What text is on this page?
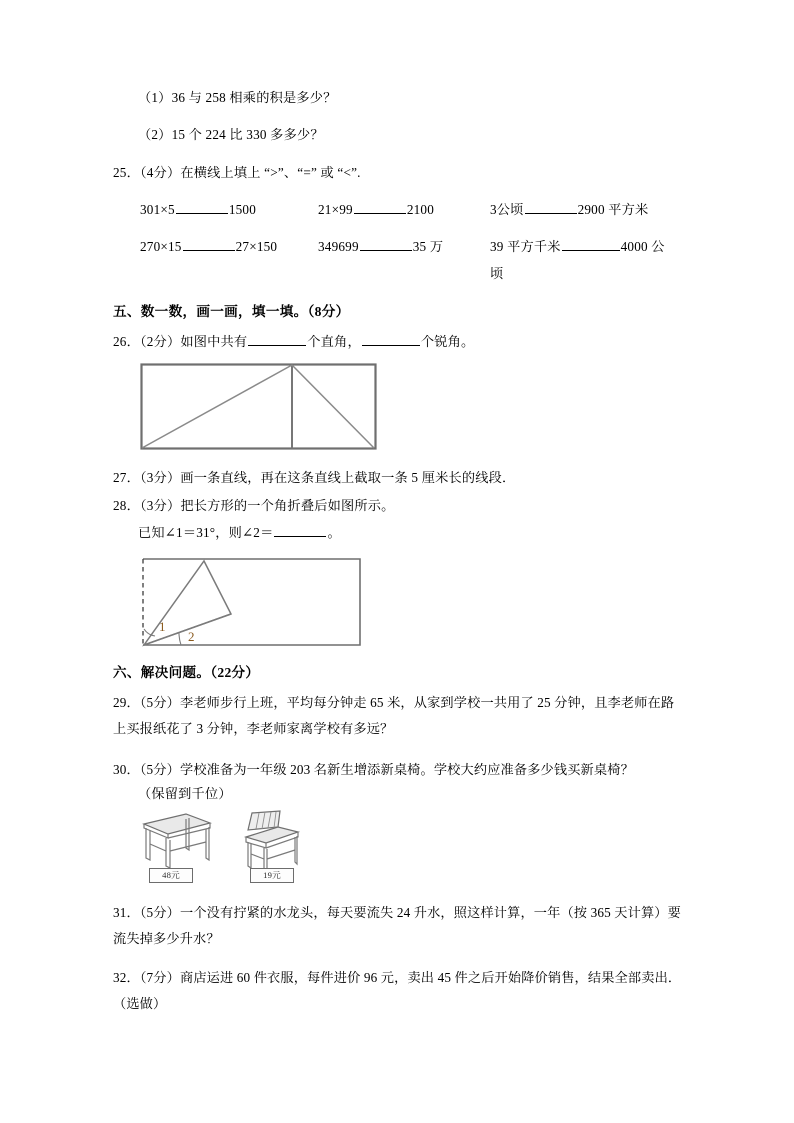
（1）36 与 258 相乘的积是多少？
（2）15 个 224 比 330 多多少？
25．（4分）在横线上填上 “>”、“=” 或 “<”.
301×5	1500	21×99	2100	3公顷	2900 平方米
270×15	27×150	349699	35 万	39 平方千米	4000 公
顷
五、数一数，画一画，填一填。（8分）
26．（2分）如图中共有	个直角，	个锐角。
27．（3分）画一条直线，再在这条直线上截取一条 5 厘米长的线段．
28．（3分）把长方形的一个角折叠后如图所示。
已知∠1＝31°，则∠2＝	。
1
2
六、解决问题。（22分）
29．（5分）李老师步行上班，平均每分钟走 65 米，从家到学校一共用了 25 分钟，且李老师在路上买报纸花了 3 分钟，李老师家离学校有多远？
30．（5分）学校准备为一年级 203 名新生增添新桌椅。学校大约应准备多少钱买新桌椅？
（保留到千位）
48元	19元
31．（5分）一个没有拧紧的水龙头，每天要流失 24 升水，照这样计算，一年（按 365 天计算）要流失掉多少升水？
32．（7分）商店运进 60 件衣服，每件进价 96 元，卖出 45 件之后开始降价销售，结果全部卖出．（选做）
